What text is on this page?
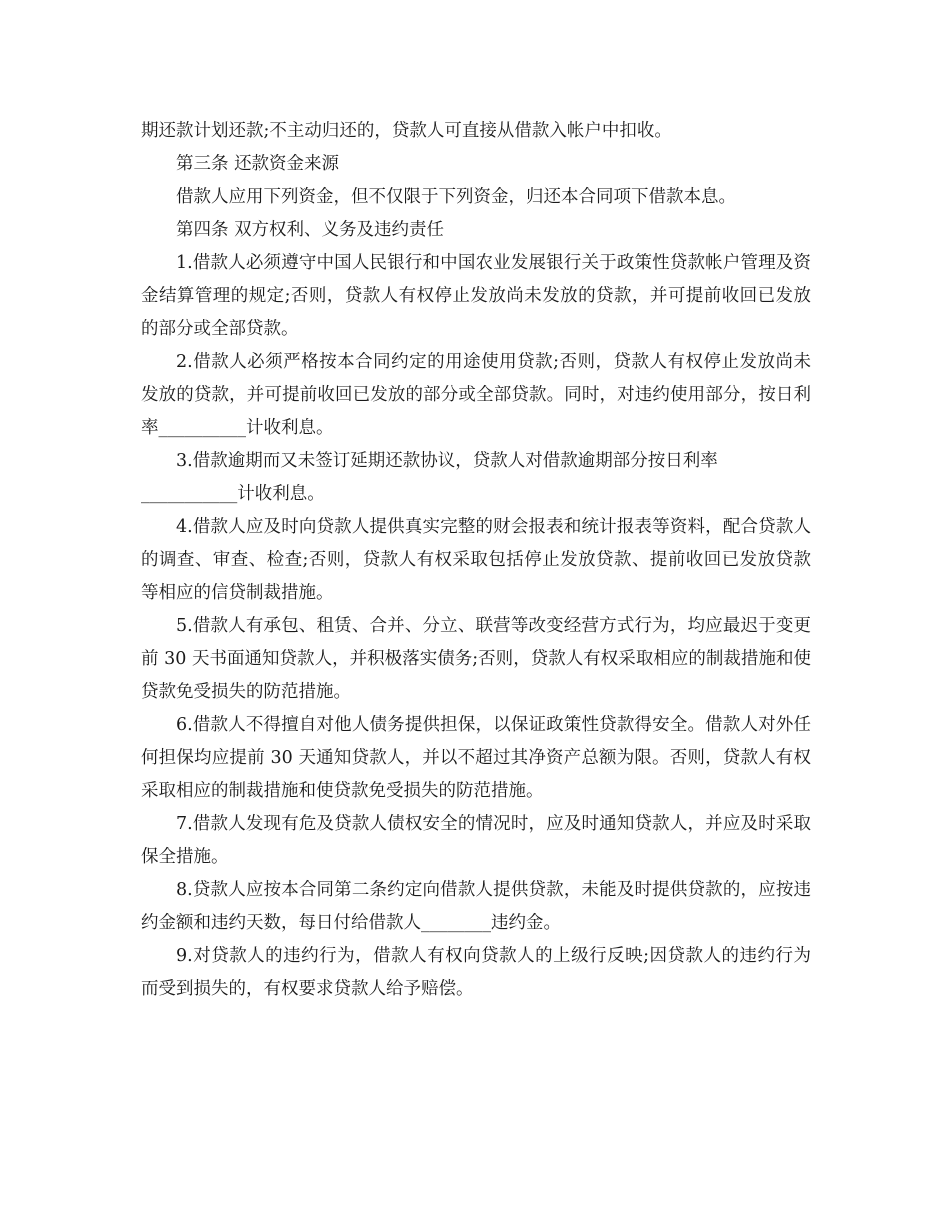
期还款计划还款;不主动归还的，贷款人可直接从借款入帐户中扣收。

第三条 还款资金来源

借款人应用下列资金，但不仅限于下列资金，归还本合同项下借款本息。

第四条 双方权利、义务及违约责任

1.借款人必须遵守中国人民银行和中国农业发展银行关于政策性贷款帐户管理及资金结算管理的规定;否则，贷款人有权停止发放尚未发放的贷款，并可提前收回已发放的部分或全部贷款。

2.借款人必须严格按本合同约定的用途使用贷款;否则，贷款人有权停止发放尚未发放的贷款，并可提前收回已发放的部分或全部贷款。同时，对违约使用部分，按日利率__________计收利息。

3.借款逾期而又未签订延期还款协议，贷款人对借款逾期部分按日利率

___________计收利息。

4.借款人应及时向贷款人提供真实完整的财会报表和统计报表等资料，配合贷款人的调查、审查、检查;否则，贷款人有权采取包括停止发放贷款、提前收回已发放贷款等相应的信贷制裁措施。

5.借款人有承包、租赁、合并、分立、联营等改变经营方式行为，均应最迟于变更前 30 天书面通知贷款人，并积极落实债务;否则，贷款人有权采取相应的制裁措施和使贷款免受损失的防范措施。

6.借款人不得擅自对他人债务提供担保，以保证政策性贷款得安全。借款人对外任何担保均应提前 30 天通知贷款人，并以不超过其净资产总额为限。否则，贷款人有权采取相应的制裁措施和使贷款免受损失的防范措施。

7.借款人发现有危及贷款人债权安全的情况时，应及时通知贷款人，并应及时采取保全措施。

8.贷款人应按本合同第二条约定向借款人提供贷款，未能及时提供贷款的，应按违约金额和违约天数，每日付给借款人________违约金。

9.对贷款人的违约行为，借款人有权向贷款人的上级行反映;因贷款人的违约行为而受到损失的，有权要求贷款人给予赔偿。
